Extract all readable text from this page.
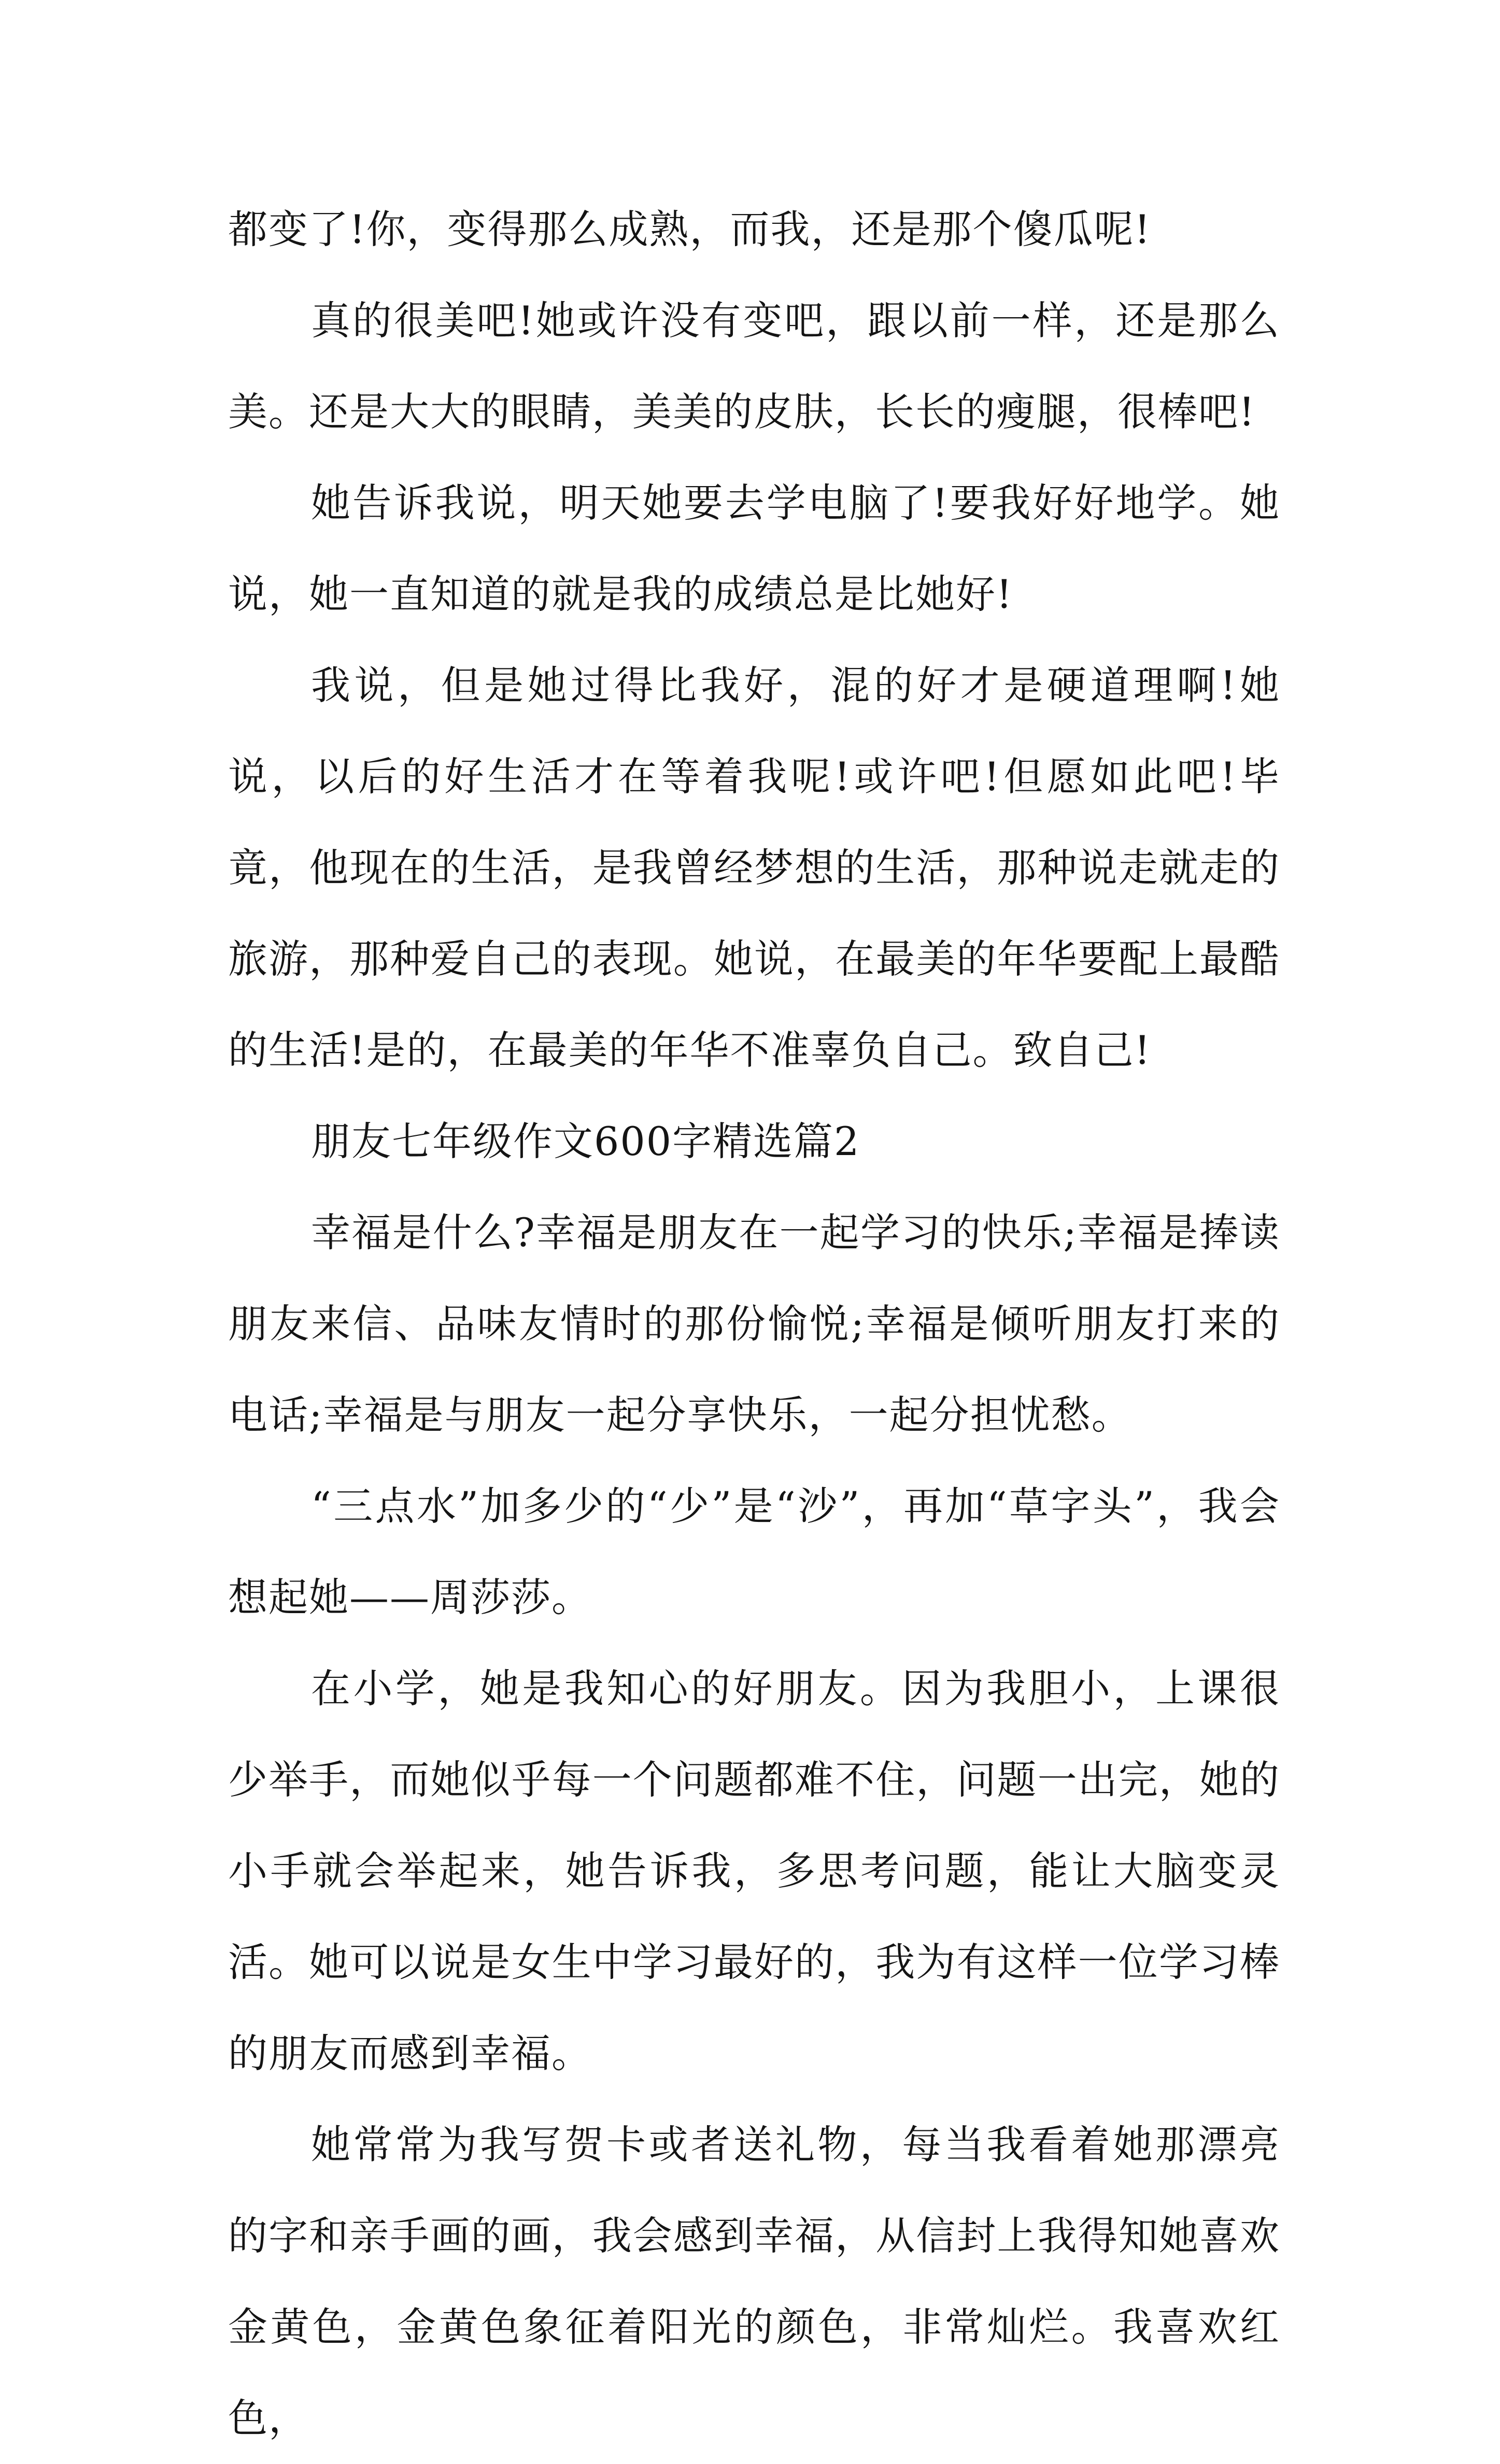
都变了!你，变得那么成熟，而我，还是那个傻瓜呢!

真的很美吧!她或许没有变吧，跟以前一样，还是那么美。还是大大的眼睛，美美的皮肤，长长的瘦腿，很棒吧!

她告诉我说，明天她要去学电脑了!要我好好地学。她说，她一直知道的就是我的成绩总是比她好!

我说，但是她过得比我好，混的好才是硬道理啊!她说，以后的好生活才在等着我呢!或许吧!但愿如此吧!毕竟，他现在的生活，是我曾经梦想的生活，那种说走就走的旅游，那种爱自己的表现。她说，在最美的年华要配上最酷的生活!是的，在最美的年华不准辜负自己。致自己!

朋友七年级作文600字精选篇2

幸福是什么?幸福是朋友在一起学习的快乐;幸福是捧读朋友来信、品味友情时的那份愉悦;幸福是倾听朋友打来的电话;幸福是与朋友一起分享快乐，一起分担忧愁。

“三点水”加多少的“少”是“沙”，再加“草字头”，我会想起她——周莎莎。

在小学，她是我知心的好朋友。因为我胆小，上课很少举手，而她似乎每一个问题都难不住，问题一出完，她的小手就会举起来，她告诉我，多思考问题，能让大脑变灵活。她可以说是女生中学习最好的，我为有这样一位学习棒的朋友而感到幸福。

她常常为我写贺卡或者送礼物，每当我看着她那漂亮的字和亲手画的画，我会感到幸福，从信封上我得知她喜欢金黄色，金黄色象征着阳光的颜色，非常灿烂。我喜欢红色，
